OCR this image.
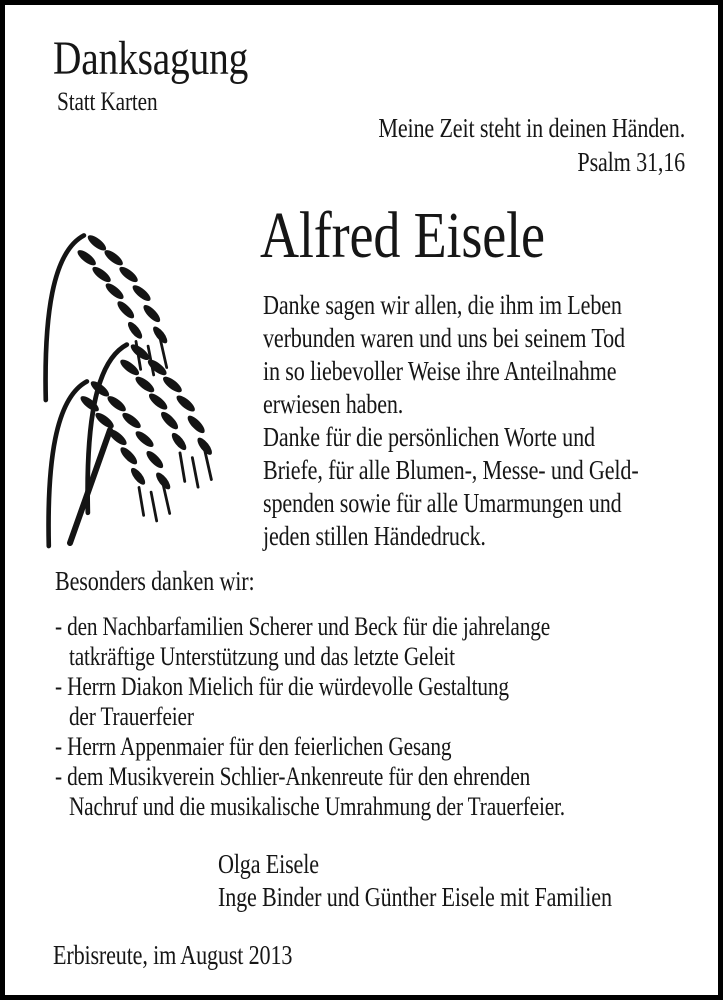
Danksagung
Statt Karten
Meine Zeit steht in deinen Händen.
Psalm 31,16
Alfred Eisele
Danke sagen wir allen, die ihm im Leben
verbunden waren und uns bei seinem Tod
in so liebevoller Weise ihre Anteilnahme
erwiesen haben.
Danke für die persönlichen Worte und
Briefe, für alle Blumen-, Messe- und Geld-
spenden sowie für alle Umarmungen und
jeden stillen Händedruck.
Besonders danken wir:
- den Nachbarfamilien Scherer und Beck für die jahrelange
tatkräftige Unterstützung und das letzte Geleit
- Herrn Diakon Mielich für die würdevolle Gestaltung
der Trauerfeier
- Herrn Appenmaier für den feierlichen Gesang
- dem Musikverein Schlier-Ankenreute für den ehrenden
Nachruf und die musikalische Umrahmung der Trauerfeier.
Olga Eisele
Inge Binder und Günther Eisele mit Familien
Erbisreute, im August 2013
